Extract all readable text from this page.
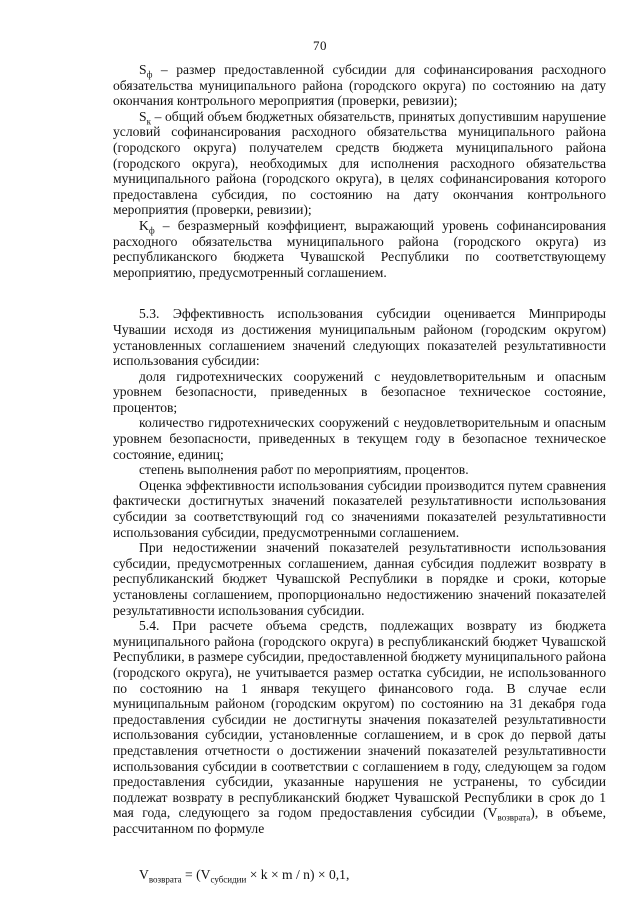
70

$S_ф$ – размер предоставленной субсидии для софинансирования расходного обязательства муниципального района (городского округа) по состоянию на дату окончания контрольного мероприятия (проверки, ревизии);

$S_к$ – общий объем бюджетных обязательств, принятых допустившим нарушение условий софинансирования расходного обязательства муниципального района (городского округа) получателем средств бюджета муниципального района (городского округа), необходимых для исполнения расходного обязательства муниципального района (городского округа), в целях софинансирования которого предоставлена субсидия, по состоянию на дату окончания контрольного мероприятия (проверки, ревизии);

$K_ф$ – безразмерный коэффициент, выражающий уровень софинансирования расходного обязательства муниципального района (городского округа) из республиканского бюджета Чувашской Республики по соответствующему мероприятию, предусмотренный соглашением.

5.3. Эффективность использования субсидии оценивается Минприроды Чувашии исходя из достижения муниципальным районом (городским округом) установленных соглашением значений следующих показателей результативности использования субсидии:

доля гидротехнических сооружений с неудовлетворительным и опасным уровнем безопасности, приведенных в безопасное техническое состояние, процентов;

количество гидротехнических сооружений с неудовлетворительным и опасным уровнем безопасности, приведенных в текущем году в безопасное техническое состояние, единиц;

степень выполнения работ по мероприятиям, процентов.

Оценка эффективности использования субсидии производится путем сравнения фактически достигнутых значений показателей результативности использования субсидии за соответствующий год со значениями показателей результативности использования субсидии, предусмотренными соглашением.

При недостижении значений показателей результативности использования субсидии, предусмотренных соглашением, данная субсидия подлежит возврату в республиканский бюджет Чувашской Республики в порядке и сроки, которые установлены соглашением, пропорционально недостижению значений показателей результативности использования субсидии.

5.4. При расчете объема средств, подлежащих возврату из бюджета муниципального района (городского округа) в республиканский бюджет Чувашской Республики, в размере субсидии, предоставленной бюджету муниципального района (городского округа), не учитывается размер остатка субсидии, не использованного по состоянию на 1 января текущего финансового года. В случае если муниципальным районом (городским округом) по состоянию на 31 декабря года предоставления субсидии не достигнуты значения показателей результативности использования субсидии, установленные соглашением, и в срок до первой даты представления отчетности о достижении значений показателей результативности использования субсидии в соответствии с соглашением в году, следующем за годом предоставления субсидии, указанные нарушения не устранены, то субсидии подлежат возврату в республиканский бюджет Чувашской Республики в срок до 1 мая года, следующего за годом предоставления субсидии $(V_{возврата})$, в объеме, рассчитанном по формуле

$V_{возврата} = (V_{субсидии} \times k \times m / n) \times 0,1$,
